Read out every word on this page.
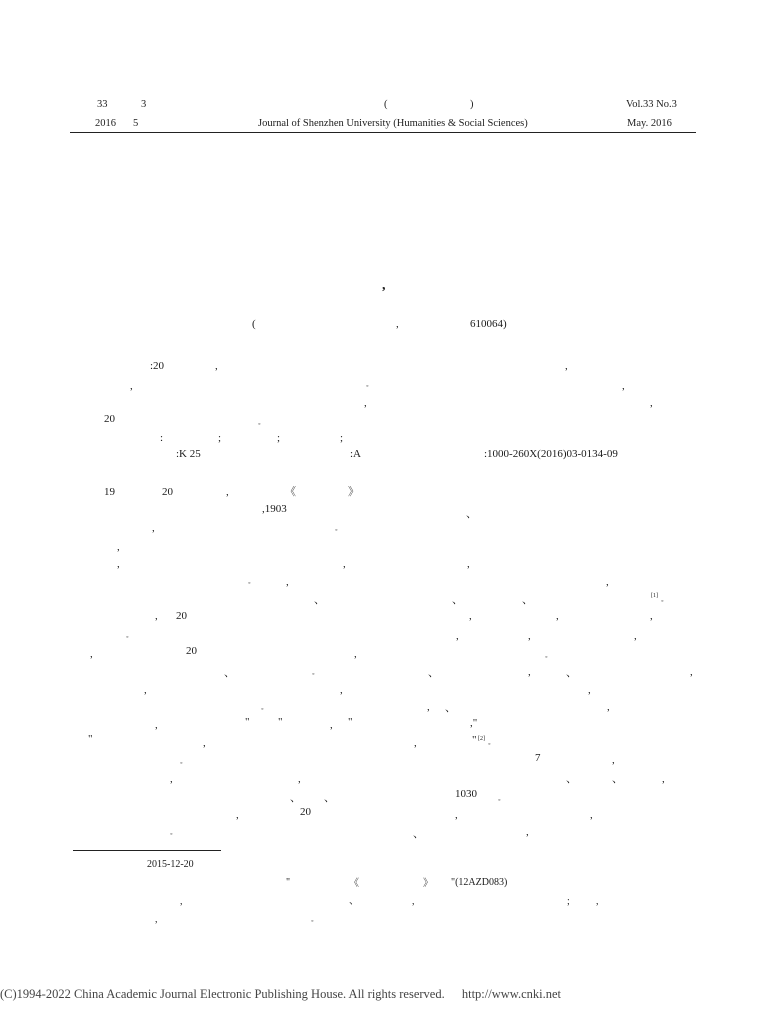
33	3	(	)	Vol.33 No.3
2016 5	Journal of Shenzhen University (Humanities & Social Sciences)	May. 2016
,
(	,	610064)
:20	,	,
,	◦	,
,	,
20	◦
:	;	;	;
:K 25	:A	:1000-260X(2016)03-0134-09
19	20	,	《	》
,1903	、
,	◦
,
,	,	,
◦	,	,
、	、	、	[1]
◦
, 20	,	,	,
◦	,	,	,
,	20	,	◦
、	◦	、	,	、	,
,	,	,
◦	, 、	,
,	"	"	, "	,"
"	,	,	" [2]
◦
◦	7	,
,	,	、	、	,
、 、	1030	◦
,	20	,	,
◦	、	,
2015-12-20
"	《	》 "(12AZD083)
,	、	,	;	,
,	◦
(C)1994-2022 China Academic Journal Electronic Publishing House. All rights reserved. http://www.cnki.net
